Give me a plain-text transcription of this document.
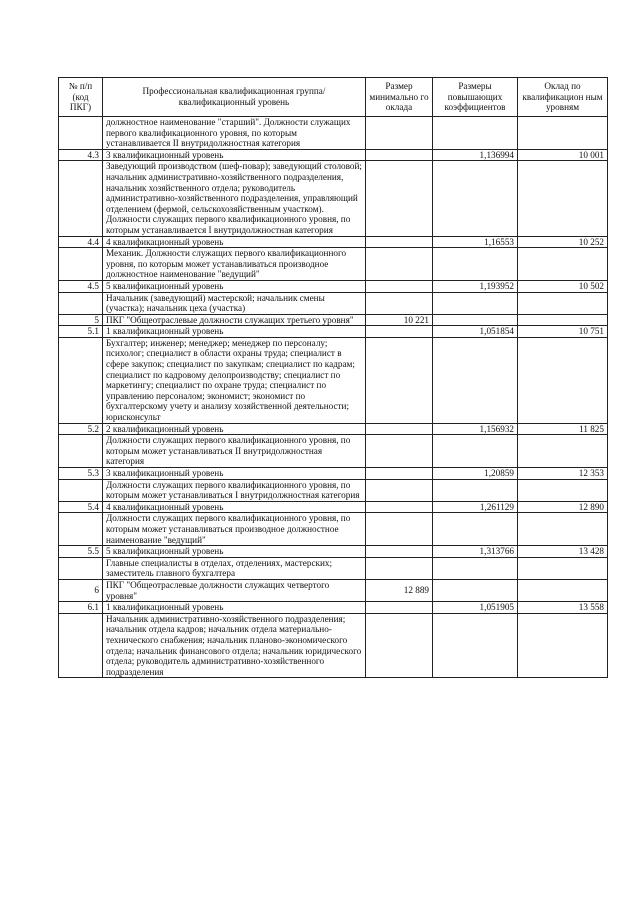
№ п/п (код ПКГ)	Профессиональная квалификационная группа/квалификационный уровень	Размер минимально го оклада	Размеры повышающих коэффициентов	Оклад по квалификацион ным уровням
	должностное наименование "старший". Должности служащих первого квалификационного уровня, по которым устанавливается II внутридолжностная категория			
4.3	3 квалификационный уровень		1,136994	10 001
	Заведующий производством (шеф-повар); заведующий столовой; начальник административно-хозяйственного подразделения, начальник хозяйственного отдела; руководитель административно-хозяйственного подразделения, управляющий отделением (фермой, сельскохозяйственным участком). Должности служащих первого квалификационного уровня, по которым устанавливается I внутридолжностная категория			
4.4	4 квалификационный уровень		1,16553	10 252
	Механик. Должности служащих первого квалификационного уровня, по которым может устанавливаться производное должностное наименование "ведущий"			
4.5	5 квалификационный уровень		1,193952	10 502
	Начальник (заведующий) мастерской; начальник смены (участка); начальник цеха (участка)			
5	ПКГ "Общеотраслевые должности служащих третьего уровня"	10 221		
5.1	1 квалификационный уровень		1,051854	10 751
	Бухгалтер; инженер; менеджер; менеджер по персоналу; психолог; специалист в области охраны труда; специалист в сфере закупок; специалист по закупкам; специалист по кадрам; специалист по кадровому делопроизводству; специалист по маркетингу; специалист по охране труда; специалист по управлению персоналом; экономист; экономист по бухгалтерскому учету и анализу хозяйственной деятельности; юрисконсульт			
5.2	2 квалификационный уровень		1,156932	11 825
	Должности служащих первого квалификационного уровня, по которым может устанавливаться II внутридолжностная категория			
5.3	3 квалификационный уровень		1,20859	12 353
	Должности служащих первого квалификационного уровня, по которым может устанавливаться I внутридолжностная категория			
5.4	4 квалификационный уровень		1,261129	12 890
	Должности служащих первого квалификационного уровня, по которым может устанавливаться производное должностное наименование "ведущий"			
5.5	5 квалификационный уровень		1,313766	13 428
	Главные специалисты в отделах, отделениях, мастерских; заместитель главного бухгалтера			
6	ПКГ "Общеотраслевые должности служащих четвертого уровня"	12 889		
6.1	1 квалификационный уровень		1,051905	13 558
	Начальник административно-хозяйственного подразделения; начальник отдела кадров; начальник отдела материально-технического снабжения; начальник планово-экономического отдела; начальник финансового отдела; начальник юридического отдела; руководитель административно-хозяйственного подразделения			
